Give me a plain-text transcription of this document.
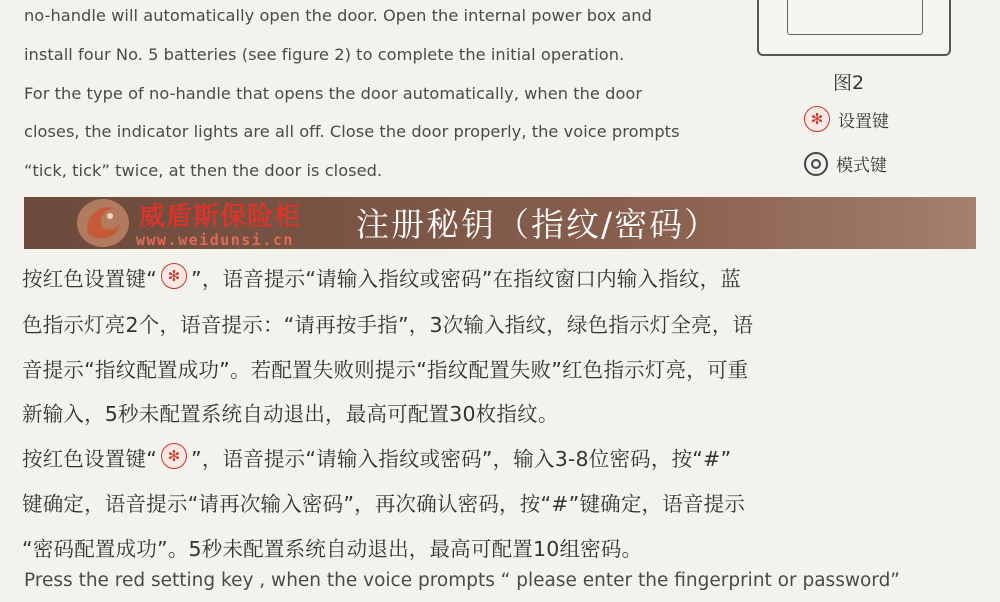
no-handle will automatically open the door. Open the internal power box and
install four No. 5 batteries (see figure 2) to complete the initial operation.
For the type of no-handle that opens the door automatically, when the door
closes, the indicator lights are all off. Close the door properly, the voice prompts
“tick, tick” twice, at then the door is closed.
图2
✻
设置键
模式键
威盾斯保险柜
www.weidunsi.cn 注册秘钥（指纹/密码）
按红色设置键“ ✻ ”，语音提示“请输入指纹或密码”在指纹窗口内输入指纹，蓝
色指示灯亮2个，语音提示：“请再按手指”，3次输入指纹，绿色指示灯全亮，语
音提示“指纹配置成功”。若配置失败则提示“指纹配置失败”红色指示灯亮，可重
新输入，5秒未配置系统自动退出，最高可配置30枚指纹。
按红色设置键“ ✻ ”，语音提示“请输入指纹或密码”，输入3-8位密码，按“#”
键确定，语音提示“请再次输入密码”，再次确认密码，按“#”键确定，语音提示
“密码配置成功”。5秒未配置系统自动退出，最高可配置10组密码。
Press the red setting key , when the voice prompts “ please enter the fingerprint or password”
